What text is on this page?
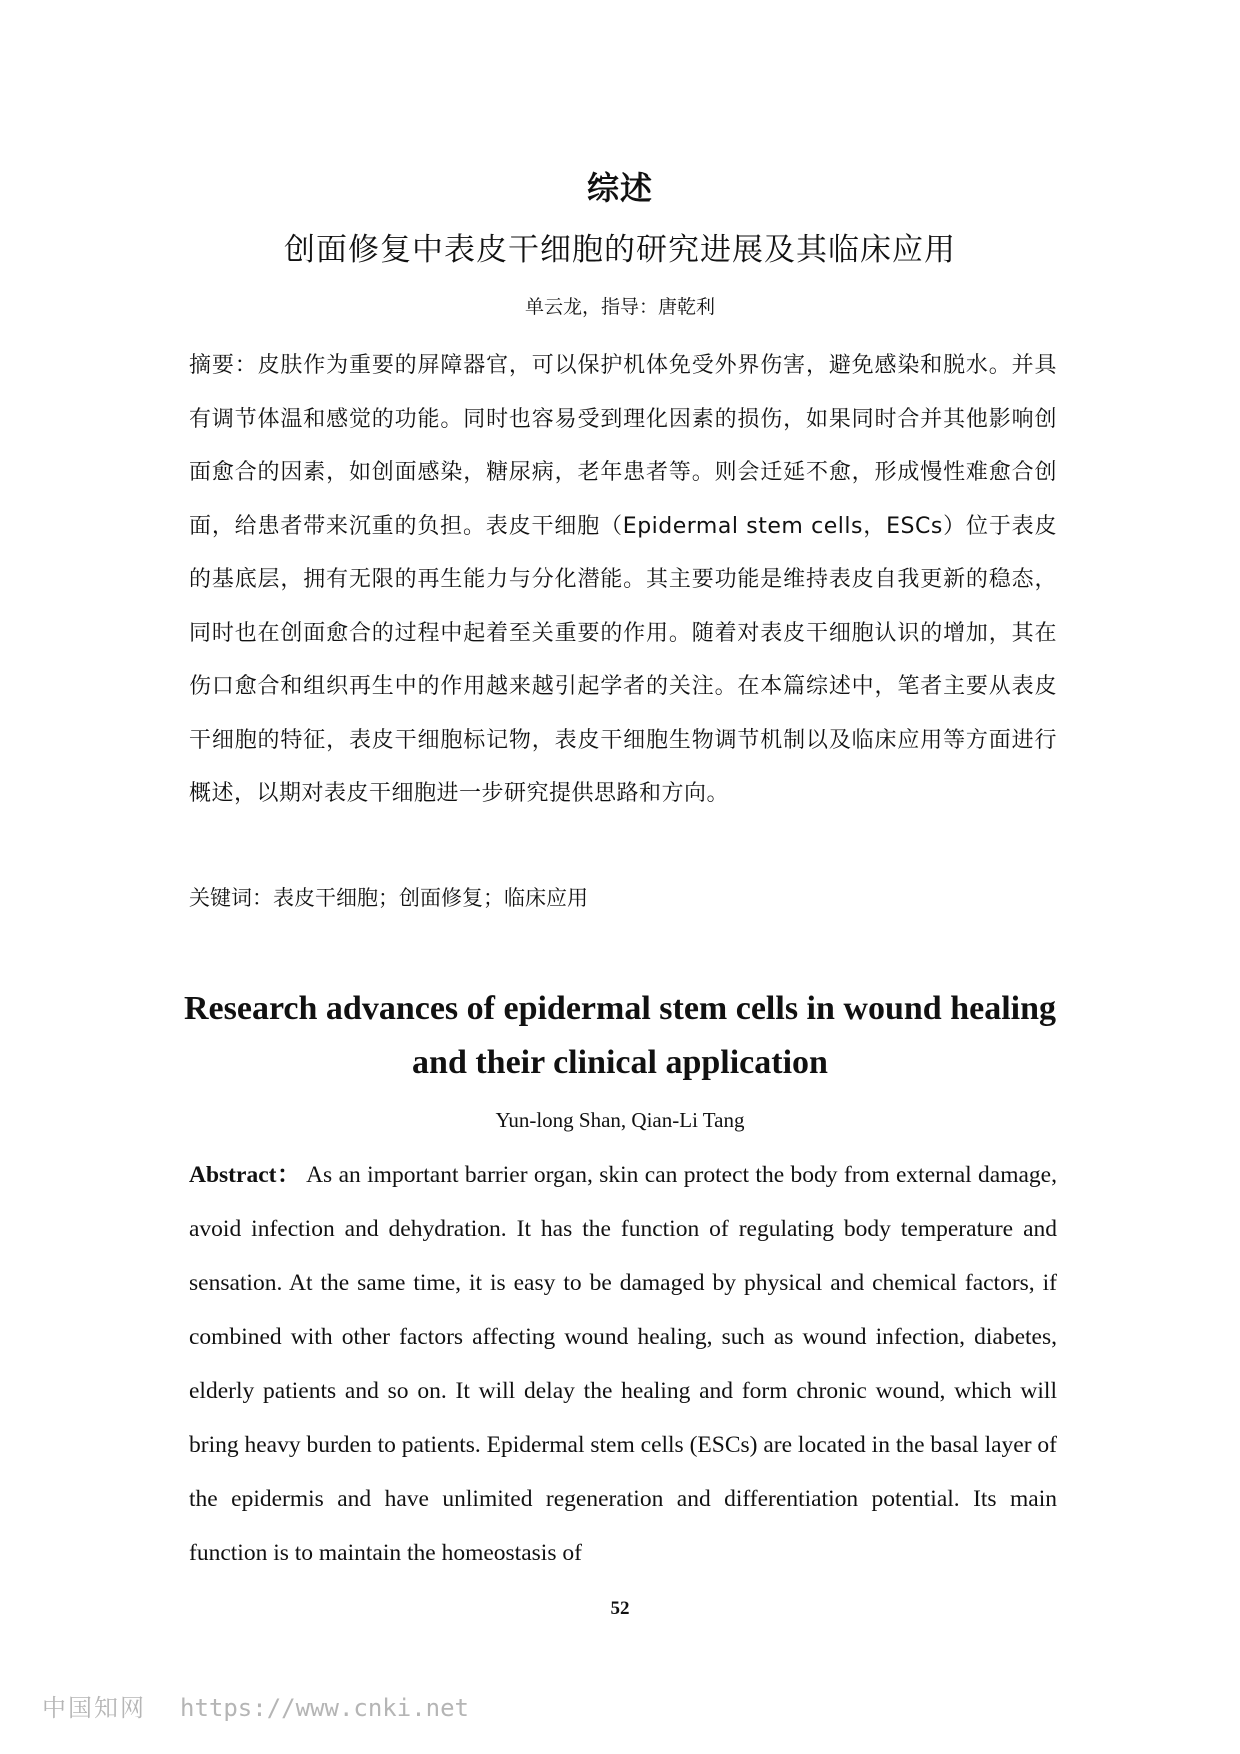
综述
创面修复中表皮干细胞的研究进展及其临床应用
单云龙，指导：唐乾利

摘要：皮肤作为重要的屏障器官，可以保护机体免受外界伤害，避免感染和脱水。并具有调节体温和感觉的功能。同时也容易受到理化因素的损伤，如果同时合并其他影响创面愈合的因素，如创面感染，糖尿病，老年患者等。则会迁延不愈，形成慢性难愈合创面，给患者带来沉重的负担。表皮干细胞（Epidermal stem cells，ESCs）位于表皮的基底层，拥有无限的再生能力与分化潜能。其主要功能是维持表皮自我更新的稳态，同时也在创面愈合的过程中起着至关重要的作用。随着对表皮干细胞认识的增加，其在伤口愈合和组织再生中的作用越来越引起学者的关注。在本篇综述中，笔者主要从表皮干细胞的特征，表皮干细胞标记物，表皮干细胞生物调节机制以及临床应用等方面进行概述，以期对表皮干细胞进一步研究提供思路和方向。

关键词：表皮干细胞；创面修复；临床应用

Research advances of epidermal stem cells in wound healing and their clinical application
Yun-long Shan, Qian-Li Tang

Abstract： As an important barrier organ, skin can protect the body from external damage, avoid infection and dehydration. It has the function of regulating body temperature and sensation. At the same time, it is easy to be damaged by physical and chemical factors, if combined with other factors affecting wound healing, such as wound infection, diabetes, elderly patients and so on. It will delay the healing and form chronic wound, which will bring heavy burden to patients. Epidermal stem cells (ESCs) are located in the basal layer of the epidermis and have unlimited regeneration and differentiation potential. Its main function is to maintain the homeostasis of

52
中国知网 https://www.cnki.net
